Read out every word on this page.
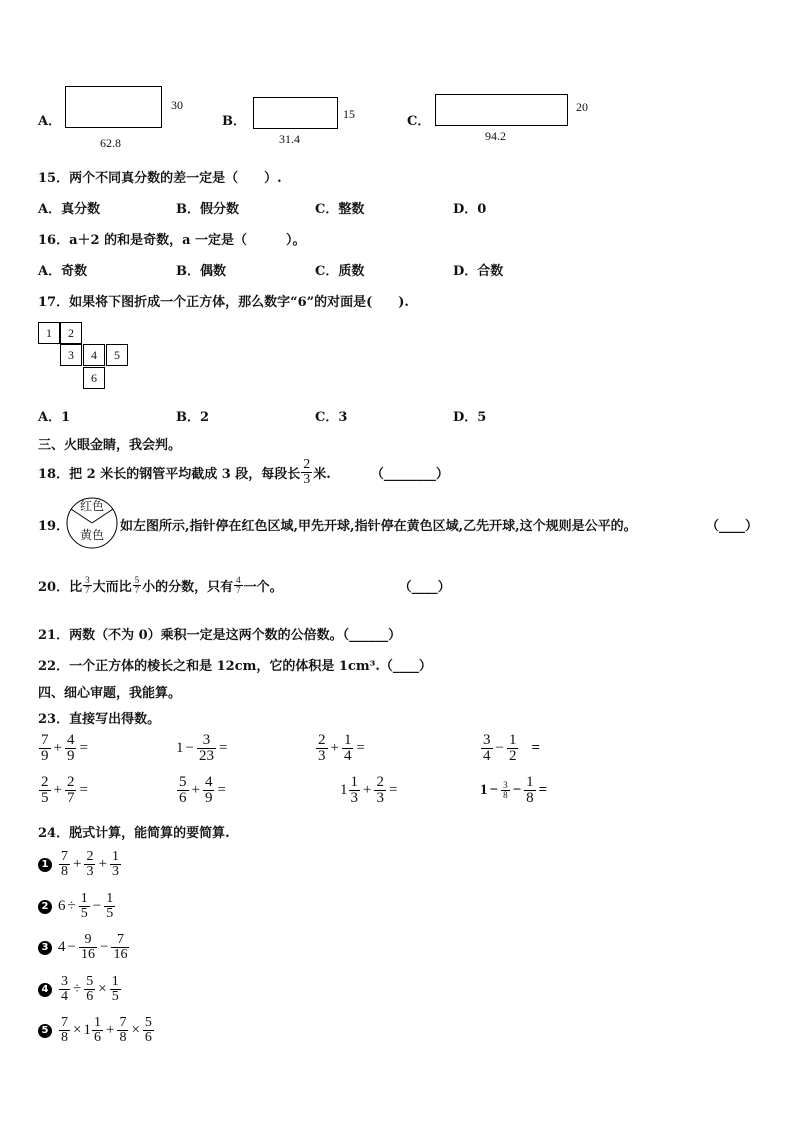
A．
30
62.8
B．	15
31.4
C．
20
94.2
15．两个不同真分数的差一定是（　　）.
A．真分数	B．假分数	C．整数	D．0
16．a＋2 的和是奇数，a 一定是（　　　）。
A．奇数	B．偶数	C．质数	D．合数
17．如果将下图折成一个正方体，那么数字“6”的对面是(　　).
1	2
3	4	5
6
A．1	B．2	C．3	D．5
三、火眼金睛，我会判。
18．把 2 米长的钢管平均截成 3 段，每段长 $\frac{2}{3}$ 米.	（________）
19．
红色
黄色
如左图所示,指针停在红色区域,甲先开球,指针停在黄色区域,乙先开球,这个规则是公平的。	（____）
20．比 $\frac{3}{7}$ 大而比 $\frac{5}{7}$ 小的分数，只有 $\frac{4}{7}$ 一个。	（____）
21．两数（不为 0）乘积一定是这两个数的公倍数。（______）
22．一个正方体的棱长之和是 12cm，它的体积是 1cm³.（____）
四、细心审题，我能算。
23．直接写出得数。
$\frac{7}{9} + \frac{4}{9}$ =	$1 - \frac{3}{23}$ =	$\frac{2}{3} + \frac{1}{4}$ =	$\frac{3}{4} - \frac{1}{2}$ =
$\frac{2}{5} + \frac{2}{7}$ =	$\frac{5}{6} + \frac{4}{9}$ =	$1 \frac{1}{3} + \frac{2}{3}$ =	$1 - \frac{3}{8} - \frac{1}{8}$ =
24．脱式计算，能简算的要简算.
$1 \frac{7}{8} + \frac{2}{3} + \frac{1}{3}$
2 $6 \div \frac{1}{5} - \frac{1}{5}$
3 $4 - \frac{9}{16} - \frac{7}{16}$
$4 \frac{3}{4} \div \frac{5}{6} \times \frac{1}{5}$
$5 \frac{7}{8} \times 1 \frac{1}{6} + \frac{7}{8} \times \frac{5}{6}$
